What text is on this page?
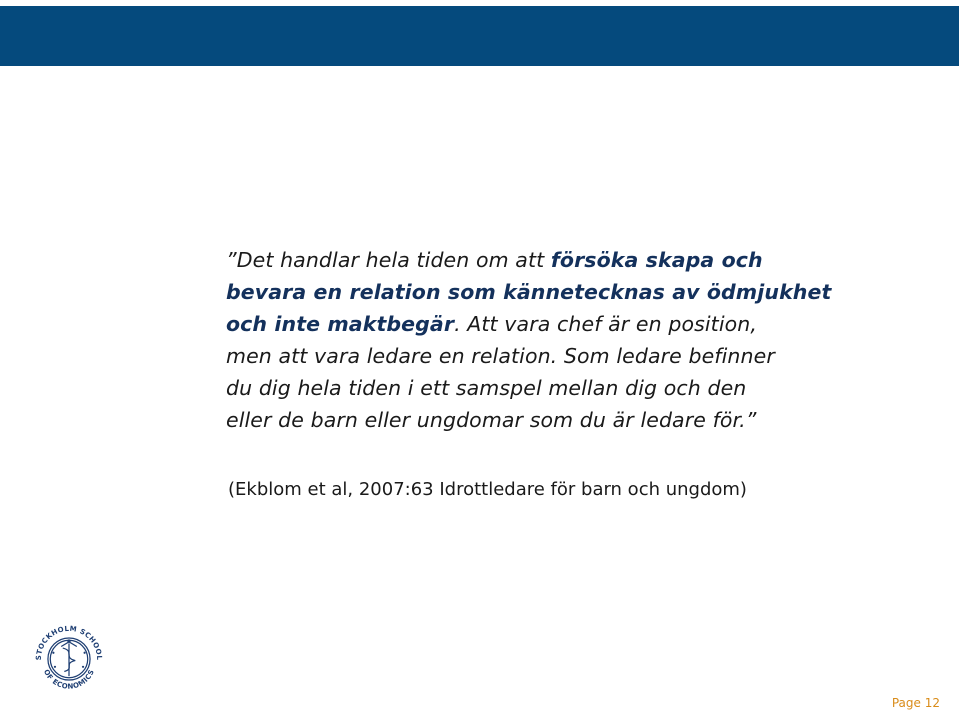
”Det handlar hela tiden om att försöka skapa och
bevara en relation som kännetecknas av ödmjukhet
och inte maktbegär. Att vara chef är en position,
men att vara ledare en relation. Som ledare befinner
du dig hela tiden i ett samspel mellan dig och den
eller de barn eller ungdomar som du är ledare för.”

(Ekblom et al, 2007:63 Idrottledare för barn och ungdom)

STOCKHOLM SCHOOL
OF ECONOMICS
Page 12
